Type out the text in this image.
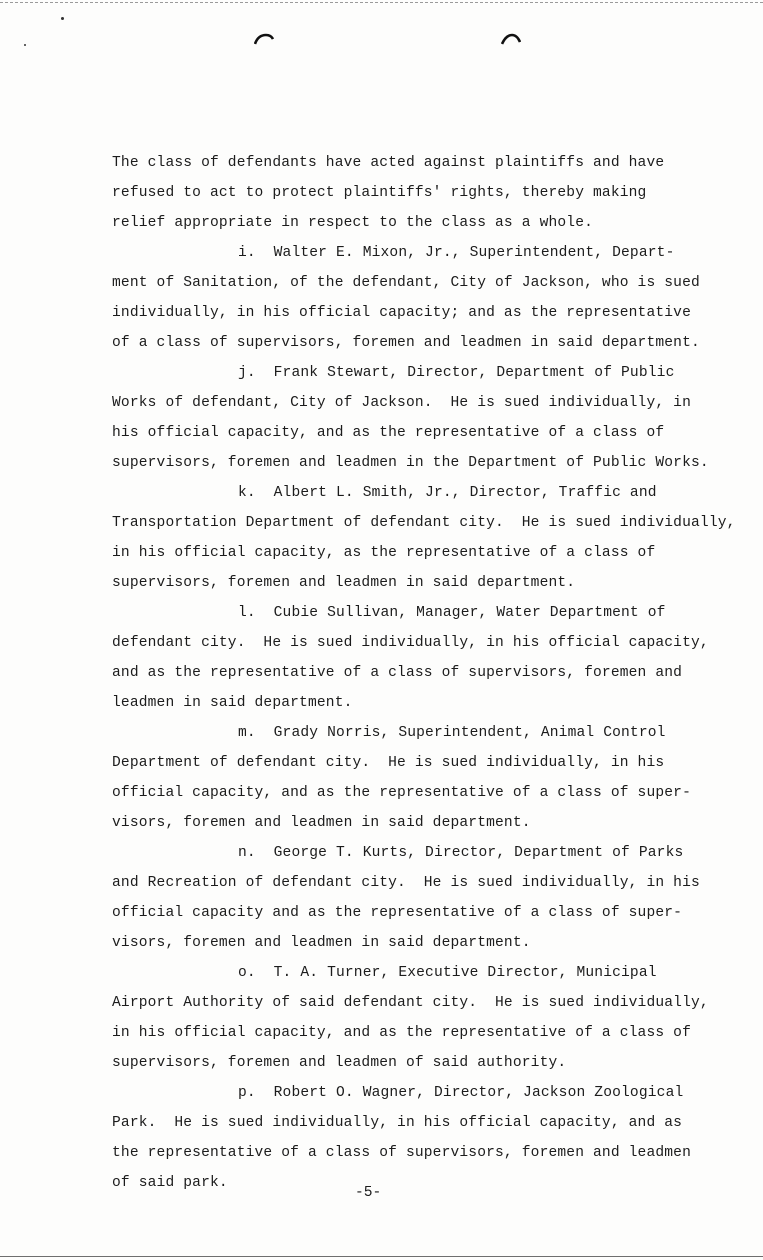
The class of defendants have acted against plaintiffs and have
refused to act to protect plaintiffs' rights, thereby making
relief appropriate in respect to the class as a whole.
i.  Walter E. Mixon, Jr., Superintendent, Depart-
ment of Sanitation, of the defendant, City of Jackson, who is sued
individually, in his official capacity; and as the representative
of a class of supervisors, foremen and leadmen in said department.
j.  Frank Stewart, Director, Department of Public
Works of defendant, City of Jackson.  He is sued individually, in
his official capacity, and as the representative of a class of
supervisors, foremen and leadmen in the Department of Public Works.
k.  Albert L. Smith, Jr., Director, Traffic and
Transportation Department of defendant city.  He is sued individually,
in his official capacity, as the representative of a class of
supervisors, foremen and leadmen in said department.
l.  Cubie Sullivan, Manager, Water Department of
defendant city.  He is sued individually, in his official capacity,
and as the representative of a class of supervisors, foremen and
leadmen in said department.
m.  Grady Norris, Superintendent, Animal Control
Department of defendant city.  He is sued individually, in his
official capacity, and as the representative of a class of super-
visors, foremen and leadmen in said department.
n.  George T. Kurts, Director, Department of Parks
and Recreation of defendant city.  He is sued individually, in his
official capacity and as the representative of a class of super-
visors, foremen and leadmen in said department.
o.  T. A. Turner, Executive Director, Municipal
Airport Authority of said defendant city.  He is sued individually,
in his official capacity, and as the representative of a class of
supervisors, foremen and leadmen of said authority.
p.  Robert O. Wagner, Director, Jackson Zoological
Park.  He is sued individually, in his official capacity, and as
the representative of a class of supervisors, foremen and leadmen
of said park.
-5-
